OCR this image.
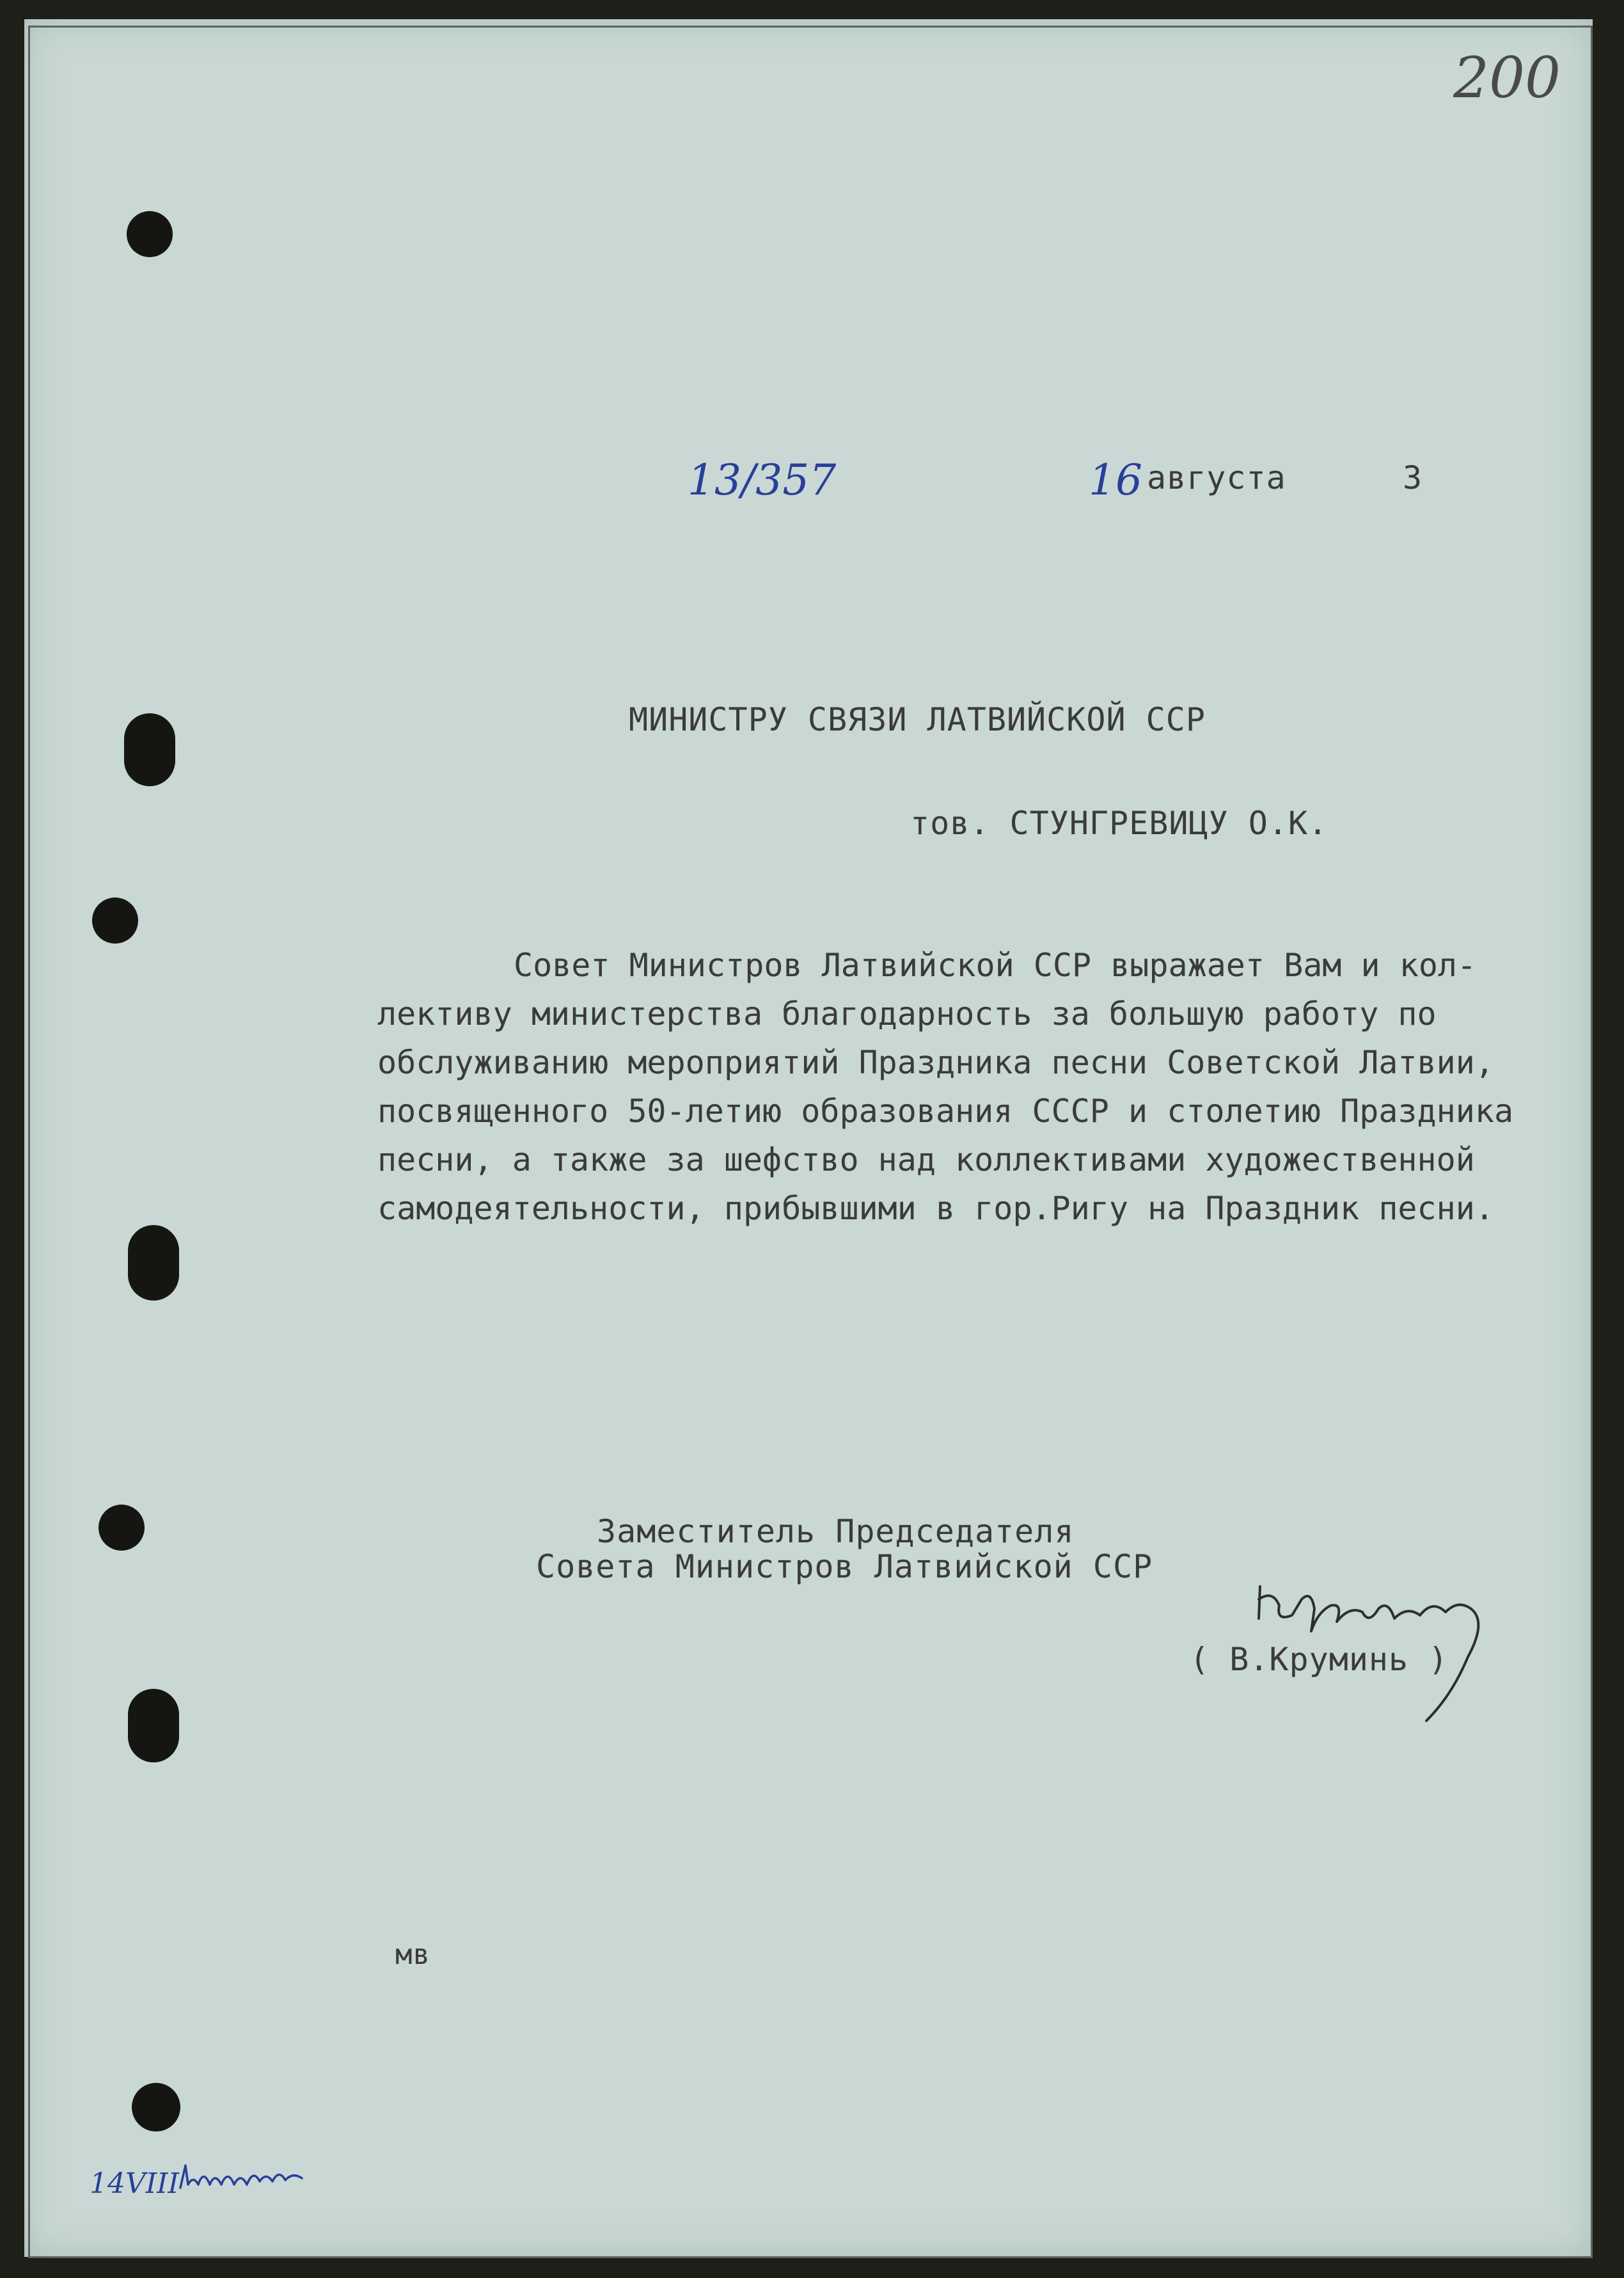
200
13/357	16 августа	3
МИНИСТРУ СВЯЗИ ЛАТВИЙСКОЙ ССР
тов. СТУНГРЕВИЦУ О.К.
Совет Министров Латвийской ССР выражает Вам и кол-
лективу министерства благодарность за большую работу по
обслуживанию мероприятий Праздника песни Советской Латвии,
посвященного 50-летию образования СССР и столетию Праздника
песни, а также за шефство над коллективами художественной
самодеятельности, прибывшими в гор.Ригу на Праздник песни.
Заместитель Председателя
Совета Министров Латвийской ССР
( В.Круминь )
мв
14VIII
